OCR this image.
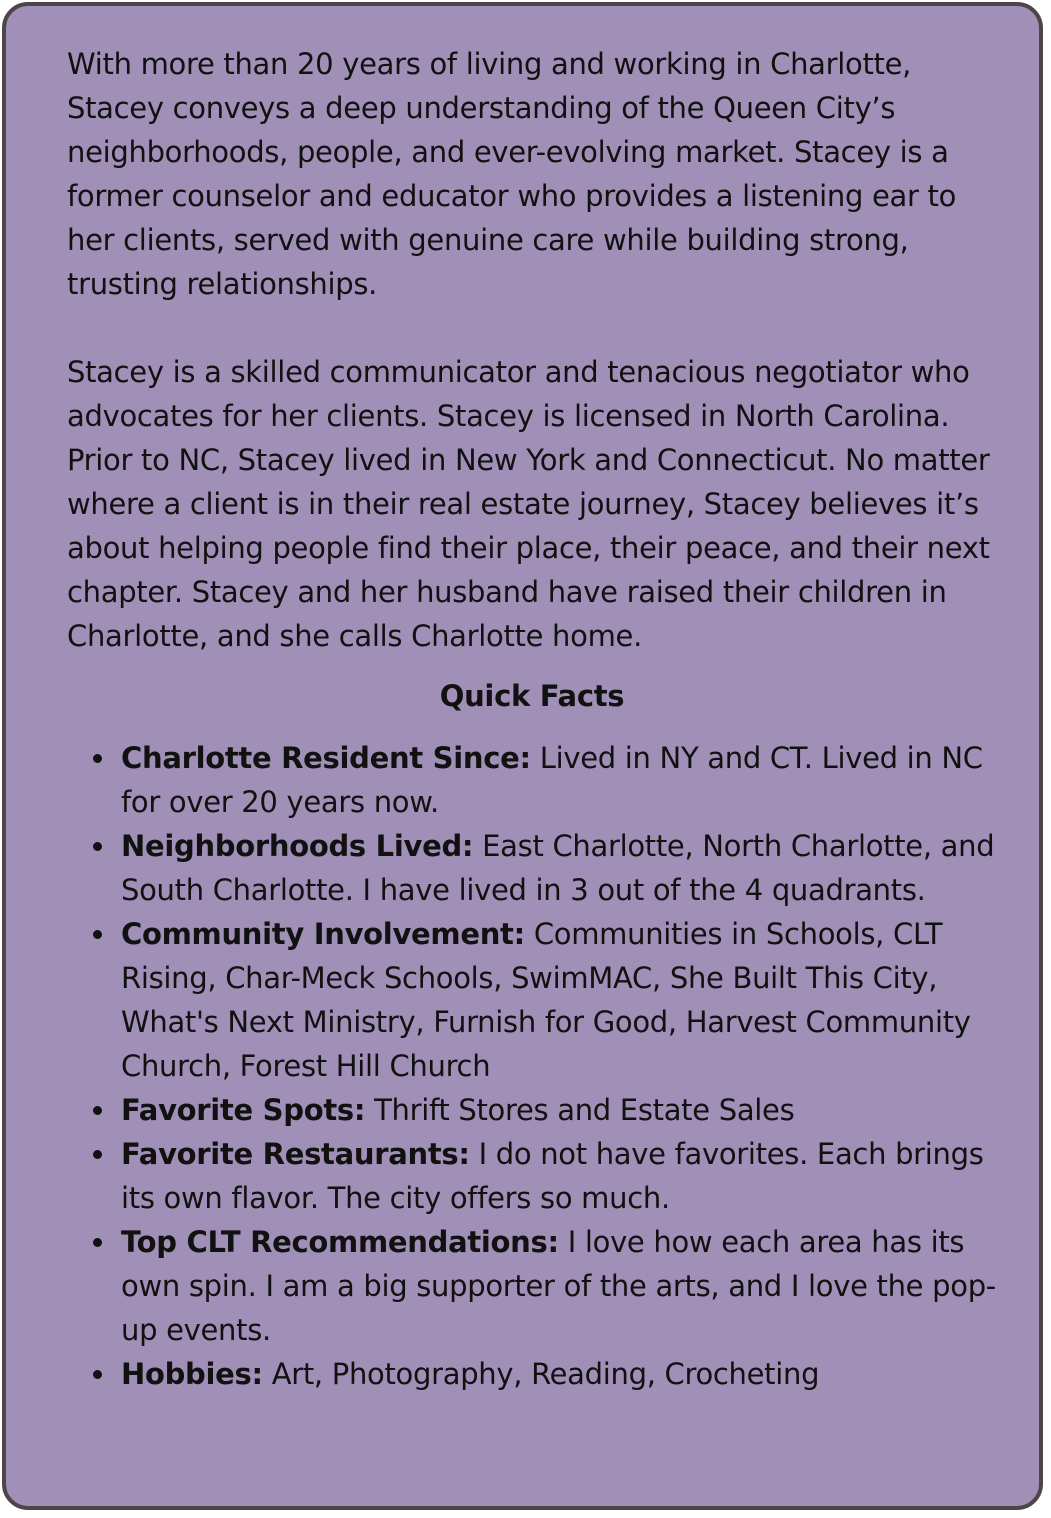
With more than 20 years of living and working in Charlotte, Stacey conveys a deep understanding of the Queen City’s neighborhoods, people, and ever-evolving market. Stacey is a former counselor and educator who provides a listening ear to her clients, served with genuine care while building strong, trusting relationships.

Stacey is a skilled communicator and tenacious negotiator who advocates for her clients. Stacey is licensed in North Carolina. Prior to NC, Stacey lived in New York and Connecticut. No matter where a client is in their real estate journey, Stacey believes it’s about helping people find their place, their peace, and their next chapter. Stacey and her husband have raised their children in Charlotte, and she calls Charlotte home.

Quick Facts
Charlotte Resident Since: Lived in NY and CT. Lived in NC for over 20 years now.
Neighborhoods Lived: East Charlotte, North Charlotte, and South Charlotte. I have lived in 3 out of the 4 quadrants.
Community Involvement: Communities in Schools, CLT Rising, Char-Meck Schools, SwimMAC, She Built This City, What's Next Ministry, Furnish for Good, Harvest Community Church, Forest Hill Church
Favorite Spots: Thrift Stores and Estate Sales
Favorite Restaurants: I do not have favorites. Each brings its own flavor. The city offers so much.
Top CLT Recommendations: I love how each area has its own spin. I am a big supporter of the arts, and I love the pop-up events.
Hobbies: Art, Photography, Reading, Crocheting
